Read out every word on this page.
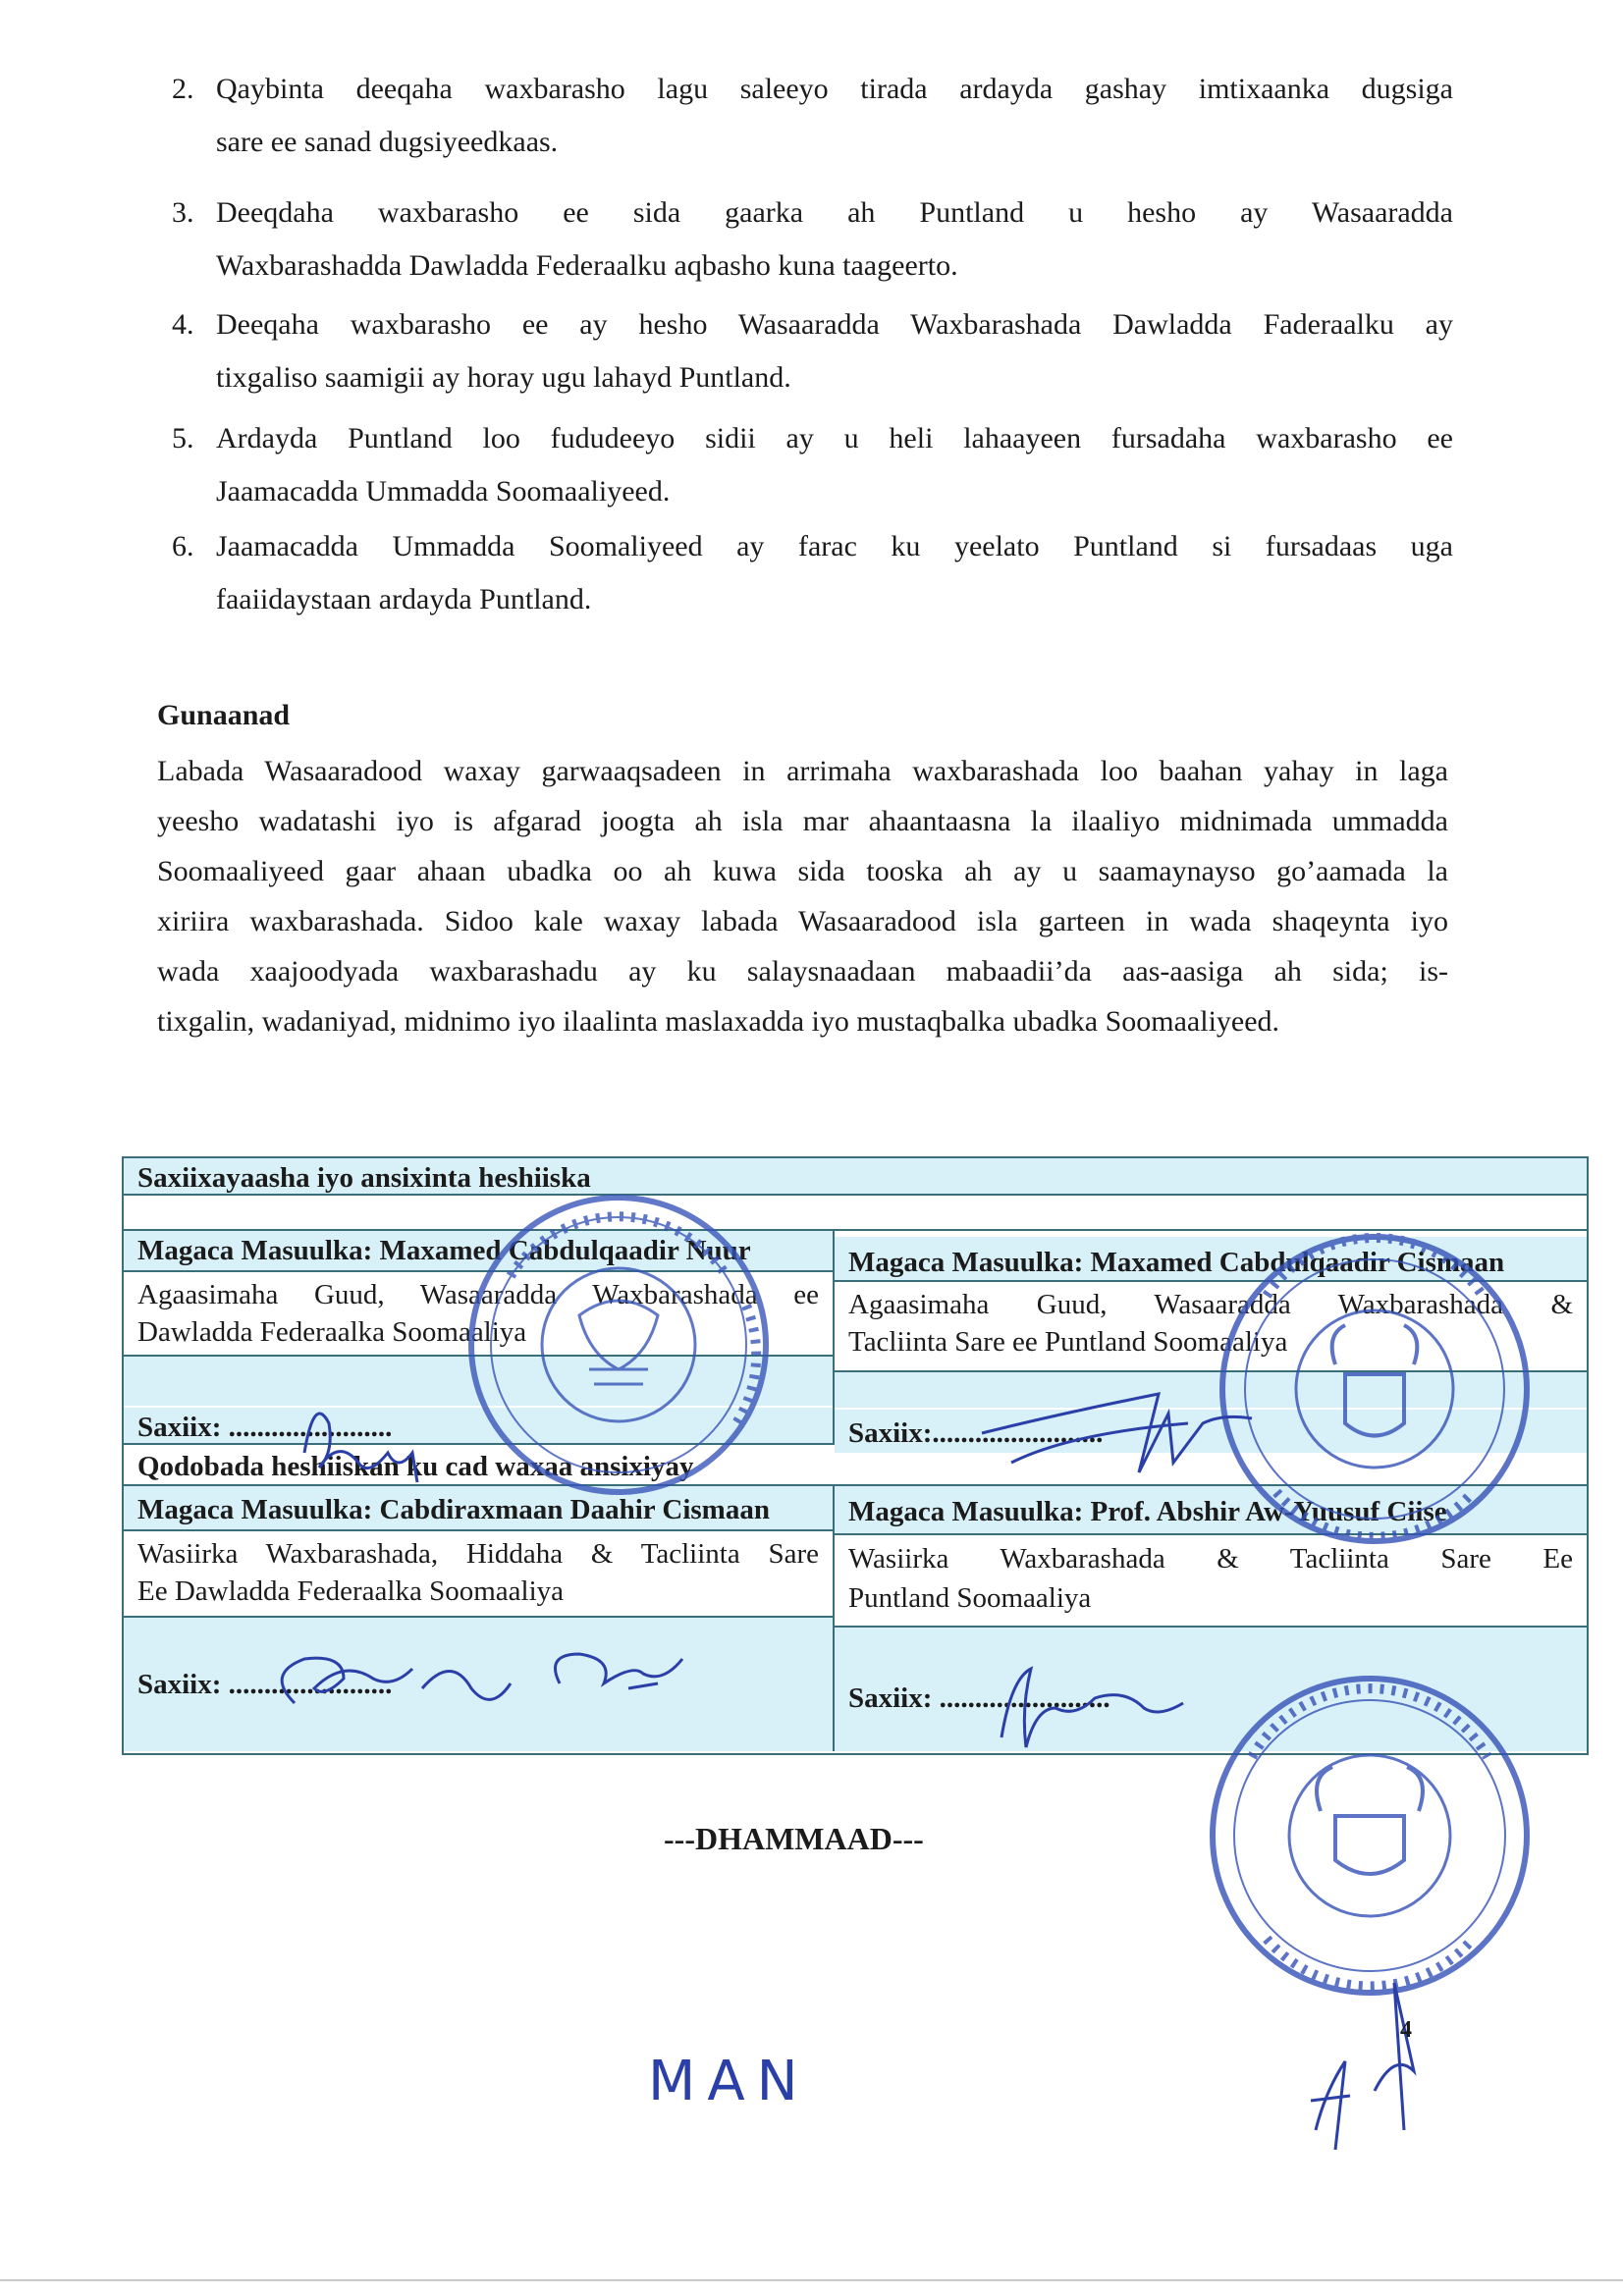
2. Qaybinta deeqaha waxbarasho lagu saleeyo tirada ardayda gashay imtixaanka dugsiga
sare ee sanad dugsiyeedkaas.
3. Deeqdaha waxbarasho ee sida gaarka ah Puntland u hesho ay Wasaaradda
Waxbarashadda Dawladda Federaalku aqbasho kuna taageerto.
4. Deeqaha waxbarasho ee ay hesho Wasaaradda Waxbarashada Dawladda Faderaalku ay
tixgaliso saamigii ay horay ugu lahayd Puntland.
5. Ardayda Puntland loo fududeeyo sidii ay u heli lahaayeen fursadaha waxbarasho ee
Jaamacadda Ummadda Soomaaliyeed.
6. Jaamacadda Ummadda Soomaliyeed ay farac ku yeelato Puntland si fursadaas uga
faaiidaystaan ardayda Puntland.
Gunaanad
Labada Wasaaradood waxay garwaaqsadeen in arrimaha waxbarashada loo baahan yahay in laga
yeesho wadatashi iyo is afgarad joogta ah isla mar ahaantaasna la ilaaliyo midnimada ummadda
Soomaaliyeed gaar ahaan ubadka oo ah kuwa sida tooska ah ay u saamaynayso go’aamada la
xiriira waxbarashada. Sidoo kale waxay labada Wasaaradood isla garteen in wada shaqeynta iyo
wada xaajoodyada waxbarashadu ay ku salaysnaadaan mabaadii’da aas-aasiga ah sida; is-
tixgalin, wadaniyad, midnimo iyo ilaalinta maslaxadda iyo mustaqbalka ubadka Soomaaliyeed.
Saxiixayaasha iyo ansixinta heshiiska
Magaca Masuulka: Maxamed Cabdulqaadir Nuur
Agaasimaha Guud, Wasaaradda Waxbarashada ee
Dawladda Federaalka Soomaaliya
Saxiix: .......................
Magaca Masuulka: Maxamed Cabdulqaadir Cismaan
Agaasimaha Guud, Wasaaradda Waxbarashada &
Tacliinta Sare ee Puntland Soomaaliya
Saxiix:........................
Qodobada heshiiskan ku cad waxaa ansixiyay
Magaca Masuulka: Cabdiraxmaan Daahir Cismaan
Wasiirka Waxbarashada, Hiddaha & Tacliinta Sare
Ee Dawladda Federaalka Soomaaliya
Saxiix: .......................
Magaca Masuulka: Prof. Abshir Aw-Yuusuf Ciise
Wasiirka Waxbarashada & Tacliinta Sare Ee
Puntland Soomaaliya
Saxiix: ........................
MAN
---DHAMMAAD---
4
